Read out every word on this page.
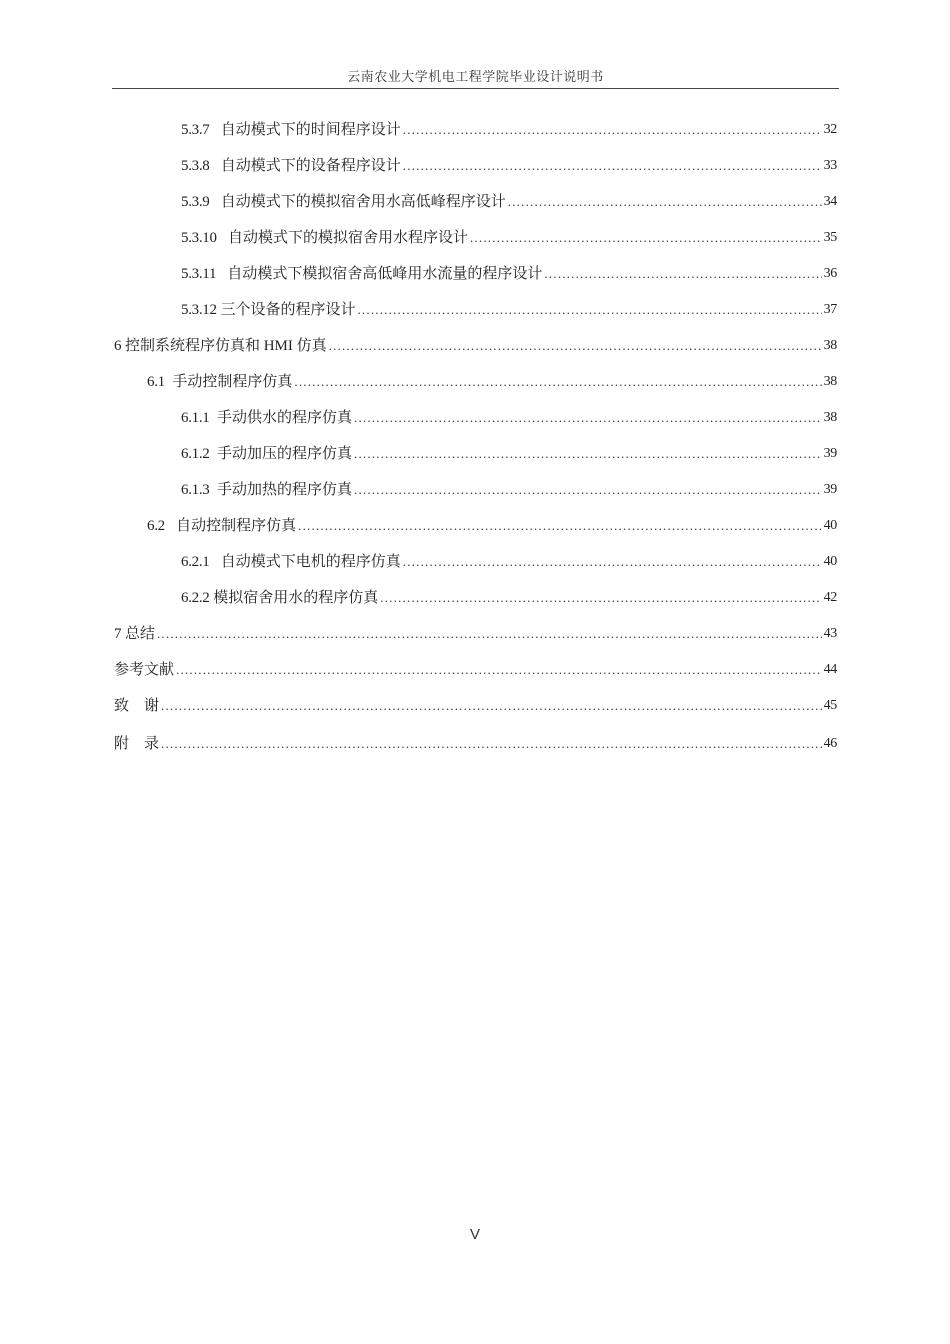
云南农业大学机电工程学院毕业设计说明书
5.3.7 自动模式下的时间程序设计 .....	32
5.3.8 自动模式下的设备程序设计 .....	33
5.3.9 自动模式下的模拟宿舍用水高低峰程序设计 .....	34
5.3.10 自动模式下的模拟宿舍用水程序设计 .....	35
5.3.11 自动模式下模拟宿舍高低峰用水流量的程序设计 .....	36
5.3.12 三个设备的程序设计 .....	37
6 控制系统程序仿真和 HMI 仿真 .....	38
6.1 手动控制程序仿真 .....	38
6.1.1 手动供水的程序仿真 .....	38
6.1.2 手动加压的程序仿真 .....	39
6.1.3 手动加热的程序仿真 .....	39
6.2 自动控制程序仿真 .....	40
6.2.1 自动模式下电机的程序仿真 .....	40
6.2.2 模拟宿舍用水的程序仿真 .....	42
7 总结 .....	43
参考文献 .....	44
致　谢 .....	45
附　录 .....	46
V
